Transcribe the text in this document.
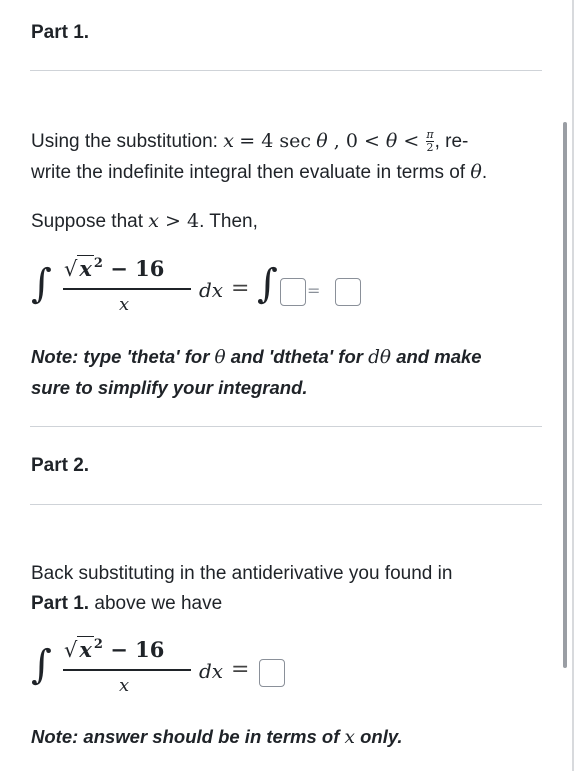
Part 1.
Using the substitution: x = 4 sec θ , $0 < \theta < \frac{\pi}{2}$ , re-
write the indefinite integral then evaluate in terms of θ.
Suppose that x > 4. Then,
∫ √x $^2$ − 16
x
dx = ∫ =
Note: type 'theta' for θ and 'dtheta' for dθ and make
sure to simplify your integrand.
Part 2.
Back substituting in the antiderivative you found in
Part 1. above we have
∫ √x $^2$ − 16
x
dx =
Note: answer should be in terms of x only.
